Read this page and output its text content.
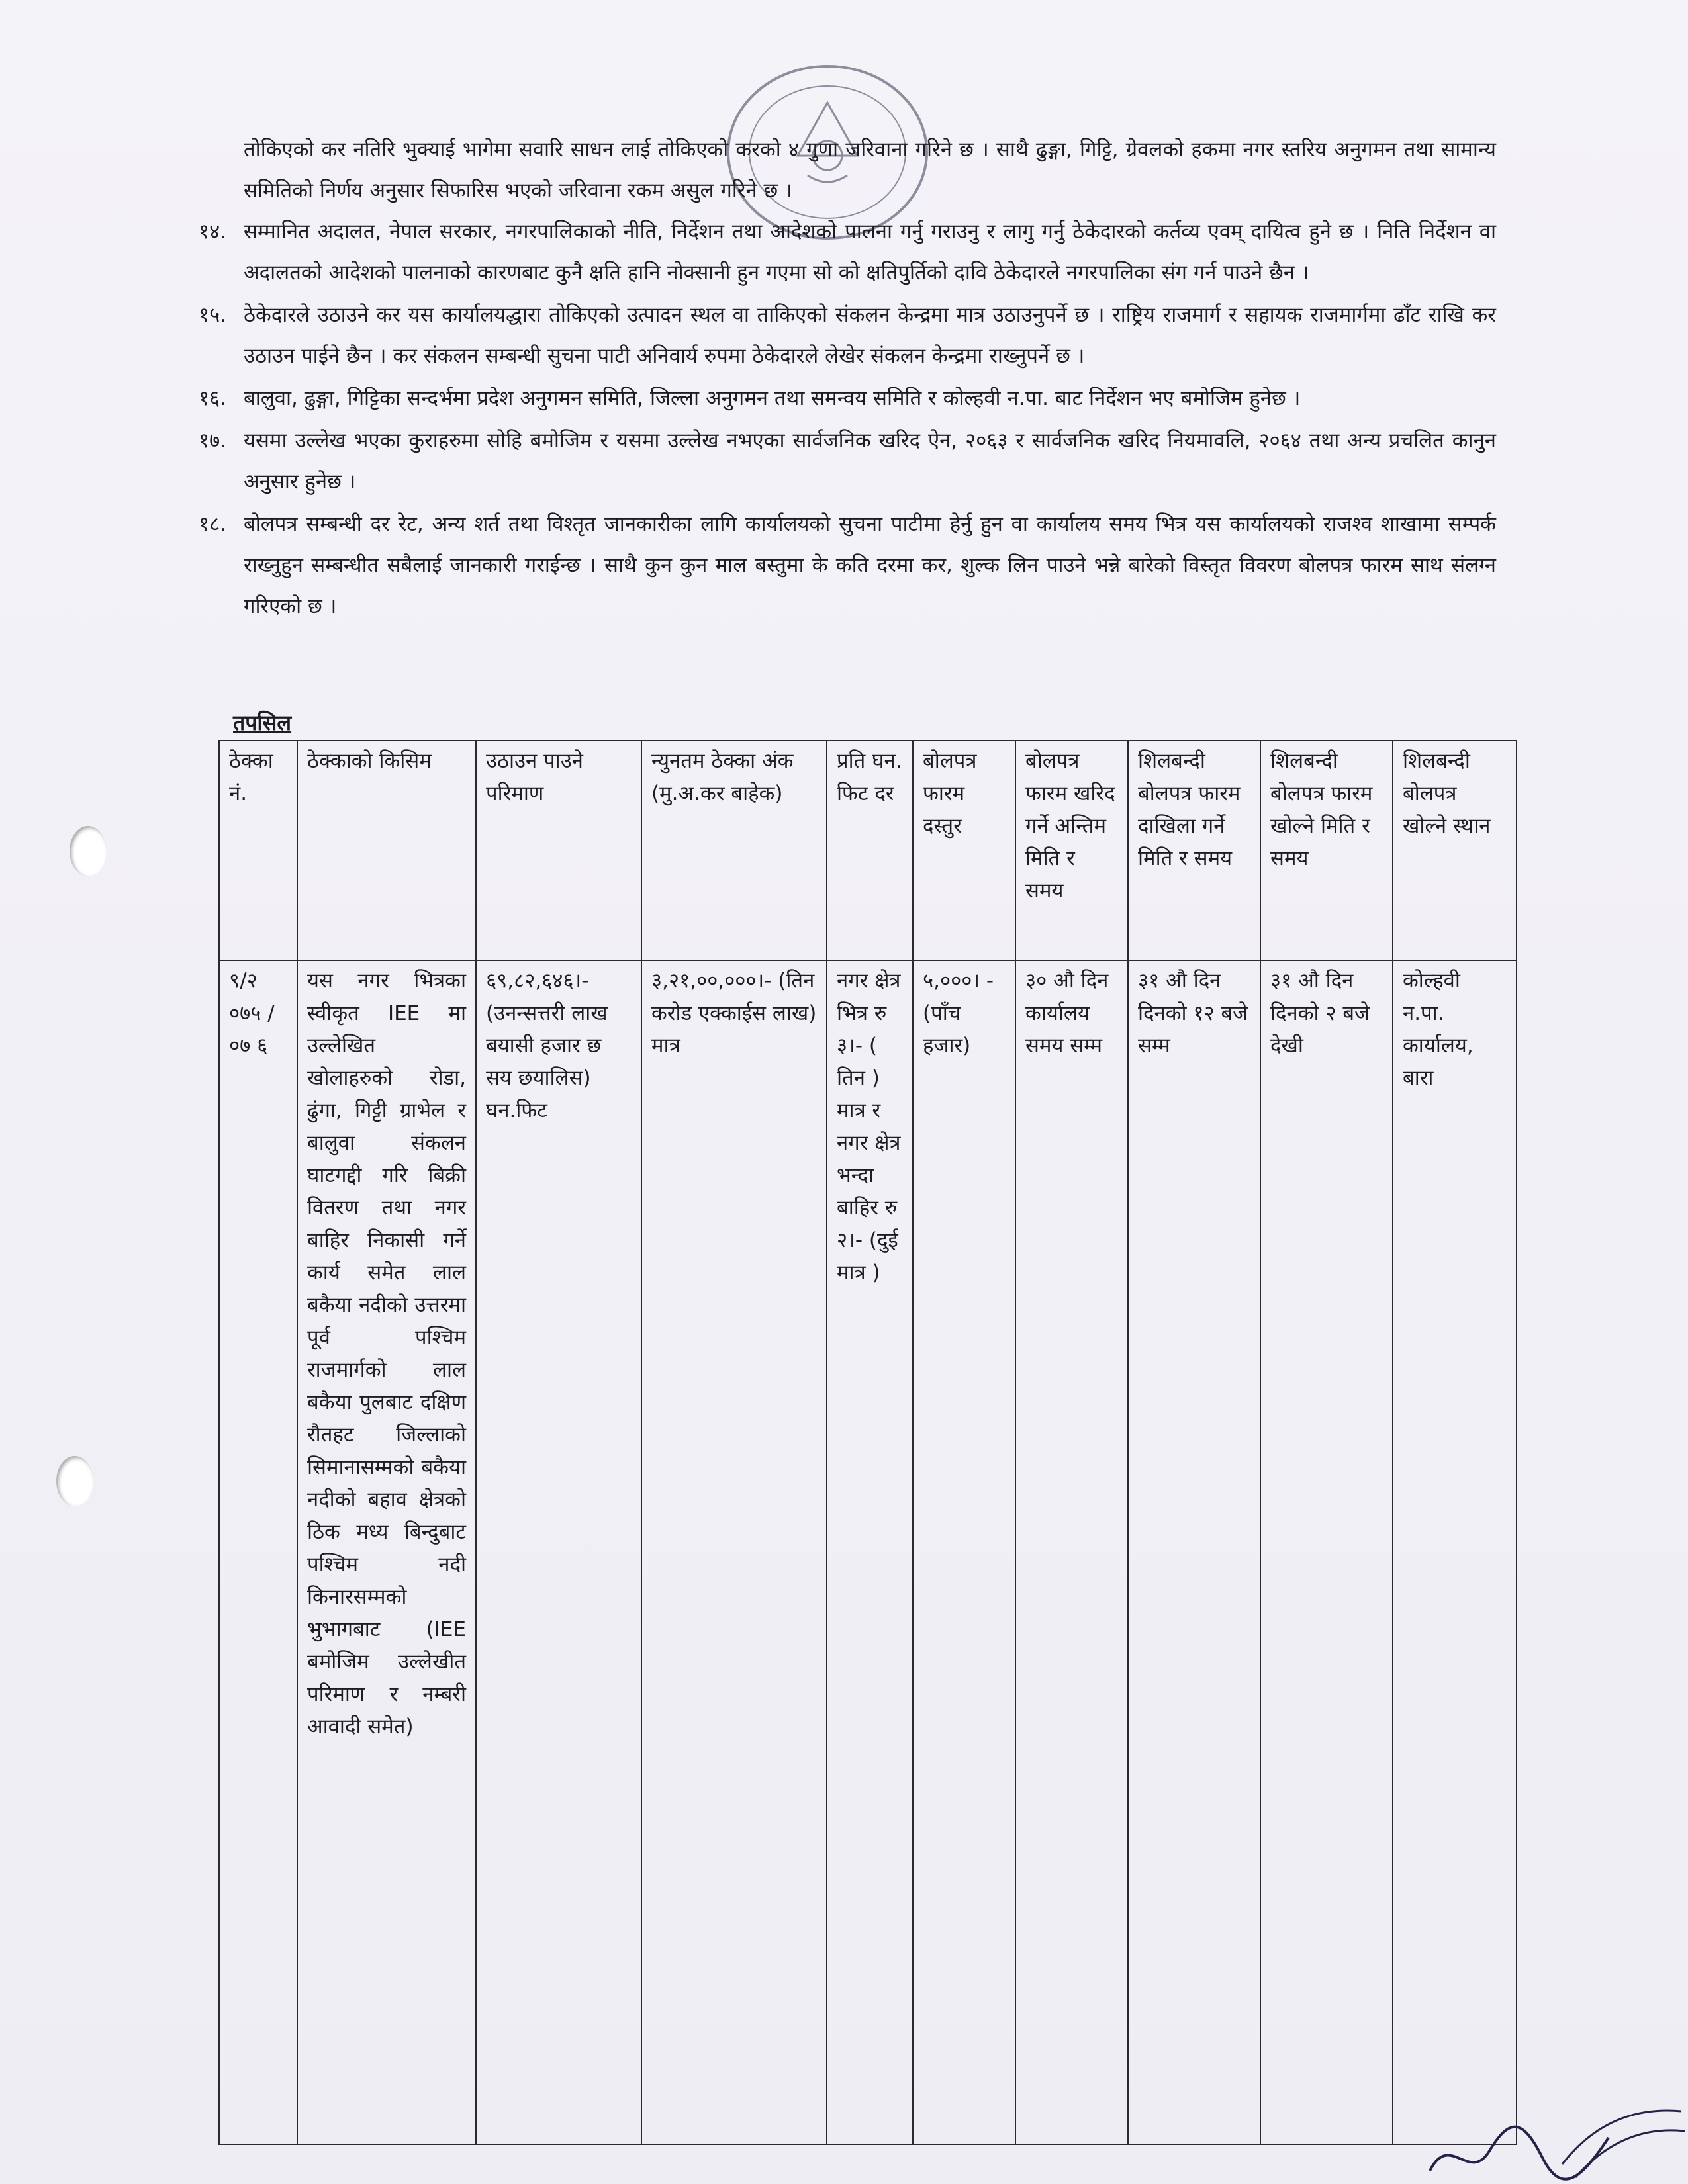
तोकिएको कर नतिरि भुक्याई भागेमा सवारि साधन लाई तोकिएको करको ४ गुणा जरिवाना गरिने छ । साथै ढुङ्गा, गिट्टि, ग्रेवलको हकमा नगर स्तरिय अनुगमन तथा सामान्य समितिको निर्णय अनुसार सिफारिस भएको जरिवाना रकम असुल गरिने छ ।
१४. सम्मानित अदालत, नेपाल सरकार, नगरपालिकाको नीति, निर्देशन तथा आदेशको पालना गर्नु गराउनु र लागु गर्नु ठेकेदारको कर्तव्य एवम् दायित्व हुने छ । निति निर्देशन वा अदालतको आदेशको पालनाको कारणबाट कुनै क्षति हानि नोक्सानी हुन गएमा सो को क्षतिपुर्तिको दावि ठेकेदारले नगरपालिका संग गर्न पाउने छैन ।
१५. ठेकेदारले उठाउने कर यस कार्यालयद्धारा तोकिएको उत्पादन स्थल वा ताकिएको संकलन केन्द्रमा मात्र उठाउनुपर्ने छ । राष्ट्रिय राजमार्ग र सहायक राजमार्गमा ढाँट राखि कर उठाउन पाईने छैन । कर संकलन सम्बन्धी सुचना पाटी अनिवार्य रुपमा ठेकेदारले लेखेर संकलन केन्द्रमा राख्नुपर्ने छ ।
१६. बालुवा, ढुङ्गा, गिट्टिका सन्दर्भमा प्रदेश अनुगमन समिति, जिल्ला अनुगमन तथा समन्वय समिति र कोल्हवी न.पा. बाट निर्देशन भए बमोजिम हुनेछ ।
१७. यसमा उल्लेख भएका कुराहरुमा सोहि बमोजिम र यसमा उल्लेख नभएका सार्वजनिक खरिद ऐन, २०६३ र सार्वजनिक खरिद नियमावलि, २०६४ तथा अन्य प्रचलित कानुन अनुसार हुनेछ ।
१८. बोलपत्र सम्बन्धी दर रेट, अन्य शर्त तथा विश्तृत जानकारीका लागि कार्यालयको सुचना पाटीमा हेर्नु हुन वा कार्यालय समय भित्र यस कार्यालयको राजश्व शाखामा सम्पर्क राख्नुहुन सम्बन्धीत सबैलाई जानकारी गराईन्छ । साथै कुन कुन माल बस्तुमा के कति दरमा कर, शुल्क लिन पाउने भन्ने बारेको विस्तृत विवरण बोलपत्र फारम साथ संलग्न गरिएको छ ।
तपसिल
ठेक्का नं.	ठेक्काको किसिम	उठाउन पाउने परिमाण	न्युनतम ठेक्का अंक (मु.अ.कर बाहेक)	प्रति घन. फिट दर	बोलपत्र फारम दस्तुर	बोलपत्र फारम खरिद गर्ने अन्तिम मिति र समय	शिलबन्दी बोलपत्र फारम दाखिला गर्ने मिति र समय	शिलबन्दी बोलपत्र फारम खोल्ने मिति र समय	शिलबन्दी बोलपत्र खोल्ने स्थान
९/२ ०७५ /०७ ६	यस नगर भित्रका स्वीकृत IEE मा उल्लेखित खोलाहरुको रोडा, ढुंगा, गिट्टी ग्राभेल र बालुवा संकलन घाटगद्दी गरि बिक्री वितरण तथा नगर बाहिर निकासी गर्ने कार्य समेत लाल बकैया नदीको उत्तरमा पूर्व पश्चिम राजमार्गको लाल बकैया पुलबाट दक्षिण रौतहट जिल्लाको सिमानासम्मको बकैया नदीको बहाव क्षेत्रको ठिक मध्य बिन्दुबाट पश्चिम नदी किनारसम्मको भुभागबाट (IEE बमोजिम उल्लेखीत परिमाण र नम्बरी आवादी समेत)	६९,८२,६४६।- (उनन्सत्तरी लाख बयासी हजार छ सय छयालिस) घन.फिट	३,२१,००,०००।- (तिन करोड एक्काईस लाख) मात्र	नगर क्षेत्र भित्र रु ३।- ( तिन ) मात्र र नगर क्षेत्र भन्दा बाहिर रु २।- (दुई मात्र )	५,०००। - (पाँच हजार)	३० औ दिन कार्यालय समय सम्म	३१ औ दिन दिनको १२ बजे सम्म	३१ औ दिन दिनको २ बजे देखी	कोल्हवी न.पा. कार्यालय, बारा
